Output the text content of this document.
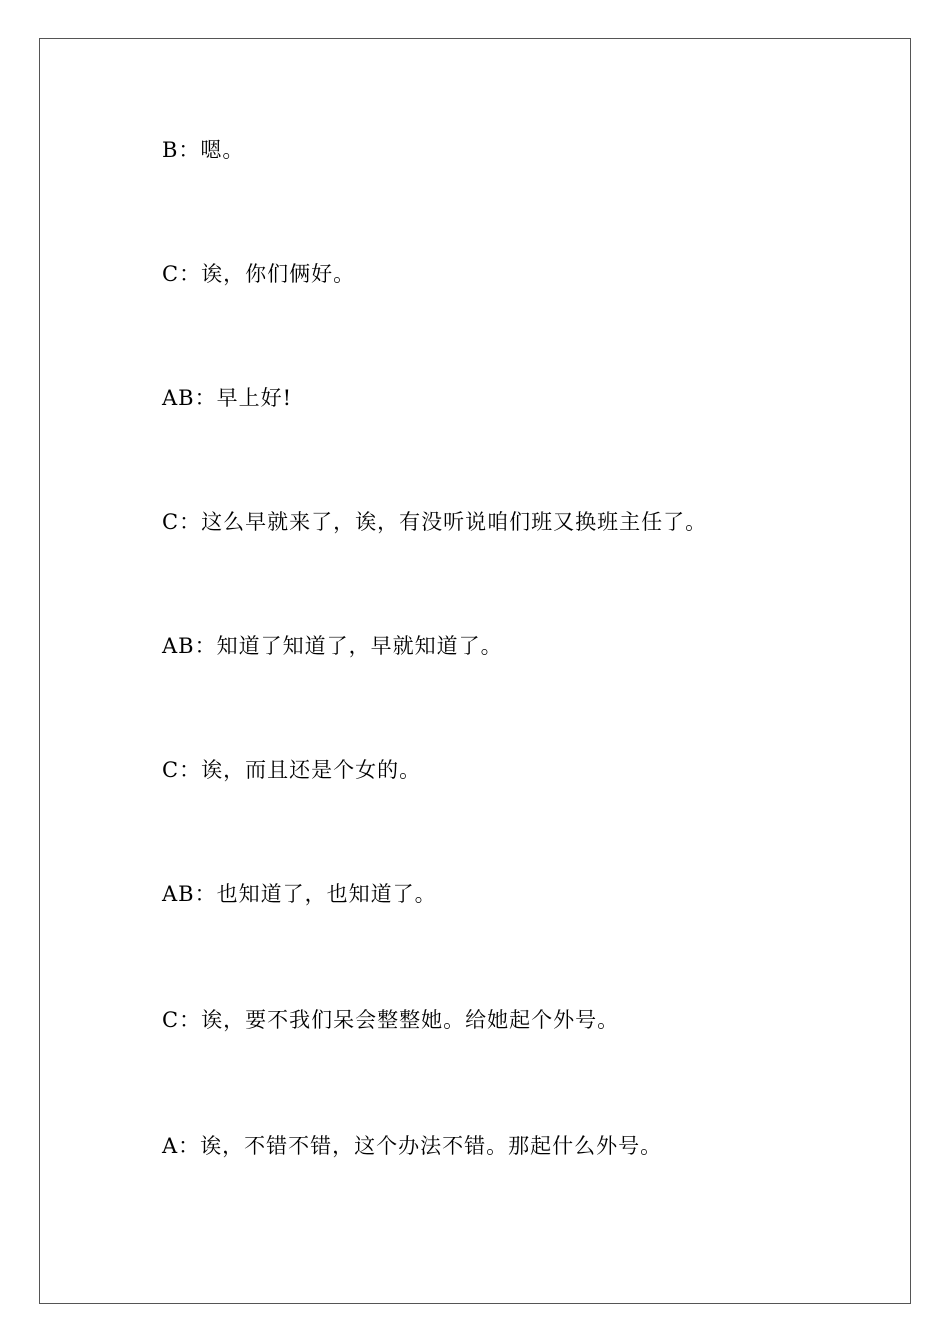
B：嗯。
C：诶，你们俩好。
AB：早上好!
C：这么早就来了，诶，有没听说咱们班又换班主任了。
AB：知道了知道了，早就知道了。
C：诶，而且还是个女的。
AB：也知道了，也知道了。
C：诶，要不我们呆会整整她。给她起个外号。
A：诶，不错不错，这个办法不错。那起什么外号。
